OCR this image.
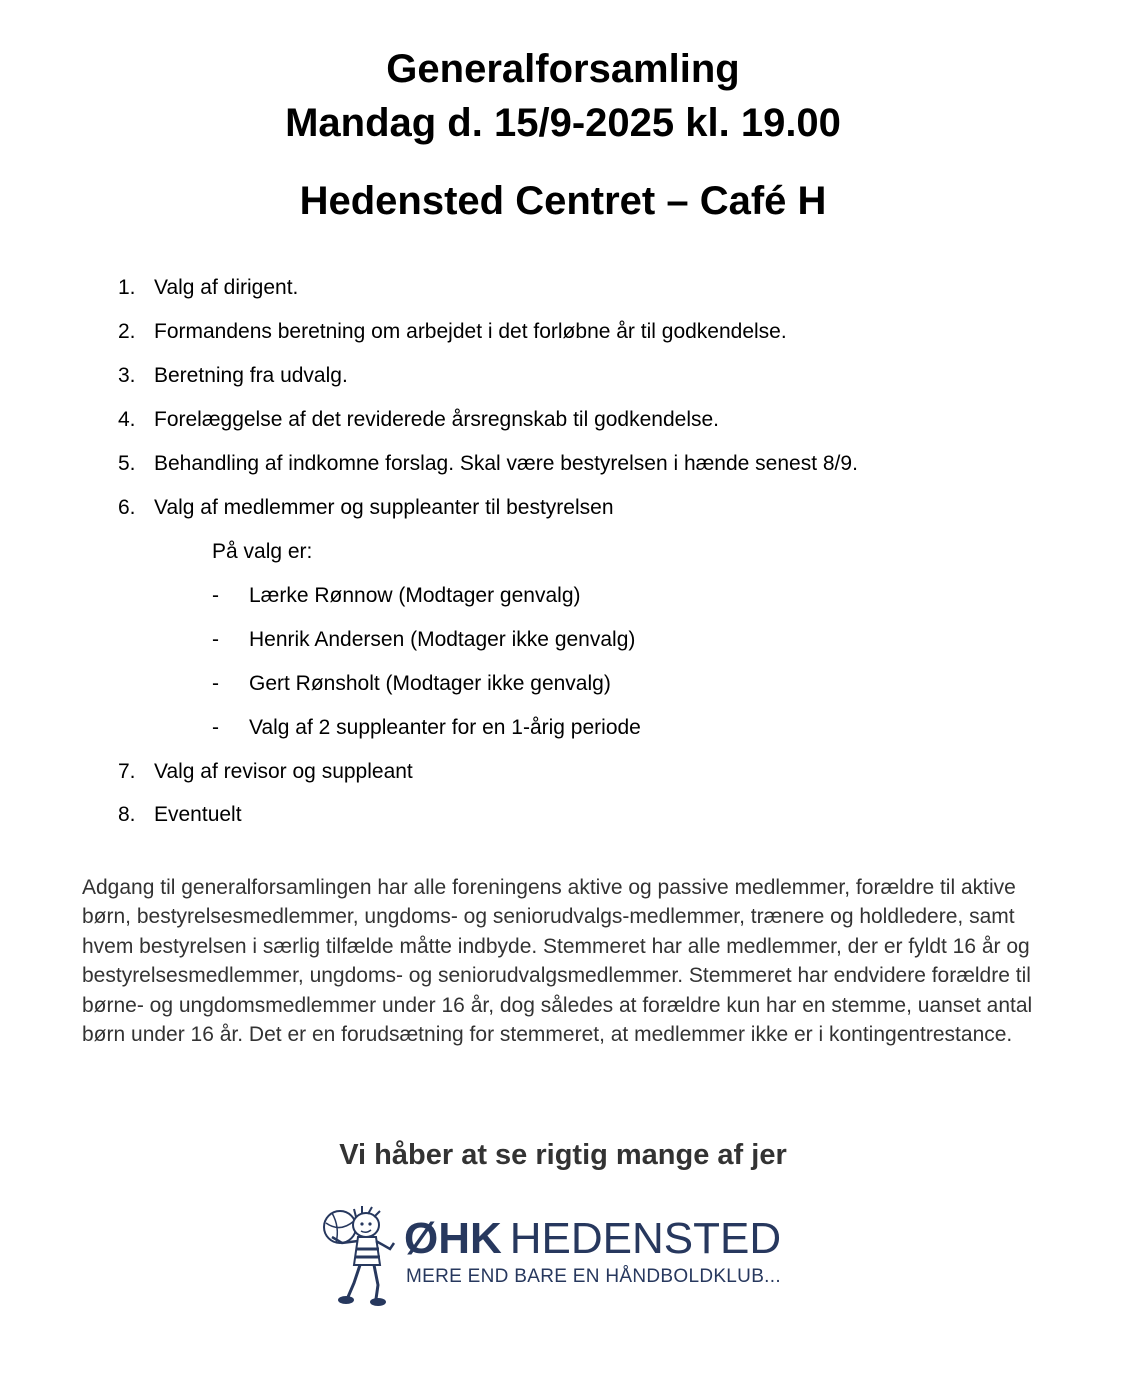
Generalforsamling
Mandag d. 15/9-2025 kl. 19.00
Hedensted Centret – Café H
1. Valg af dirigent.
2. Formandens beretning om arbejdet i det forløbne år til godkendelse.
3. Beretning fra udvalg.
4. Forelæggelse af det reviderede årsregnskab til godkendelse.
5. Behandling af indkomne forslag. Skal være bestyrelsen i hænde senest 8/9.
6. Valg af medlemmer og suppleanter til bestyrelsen
7. Valg af revisor og suppleant
8. Eventuelt
På valg er:
- Lærke Rønnow (Modtager genvalg)
- Henrik Andersen (Modtager ikke genvalg)
- Gert Rønsholt (Modtager ikke genvalg)
- Valg af 2 suppleanter for en 1-årig periode

Adgang til generalforsamlingen har alle foreningens aktive og passive medlemmer, forældre til aktive børn, bestyrelsesmedlemmer, ungdoms- og seniorudvalgs-medlemmer, trænere og holdledere, samt hvem bestyrelsen i særlig tilfælde måtte indbyde. Stemmeret har alle medlemmer, der er fyldt 16 år og bestyrelsesmedlemmer, ungdoms- og seniorudvalgsmedlemmer. Stemmeret har endvidere forældre til børne- og ungdomsmedlemmer under 16 år, dog således at forældre kun har en stemme, uanset antal børn under 16 år. Det er en forudsætning for stemmeret, at medlemmer ikke er i kontingentrestance.

Vi håber at se rigtig mange af jer

ØHK HEDENSTED
MERE END BARE EN HÅNDBOLDKLUB...
